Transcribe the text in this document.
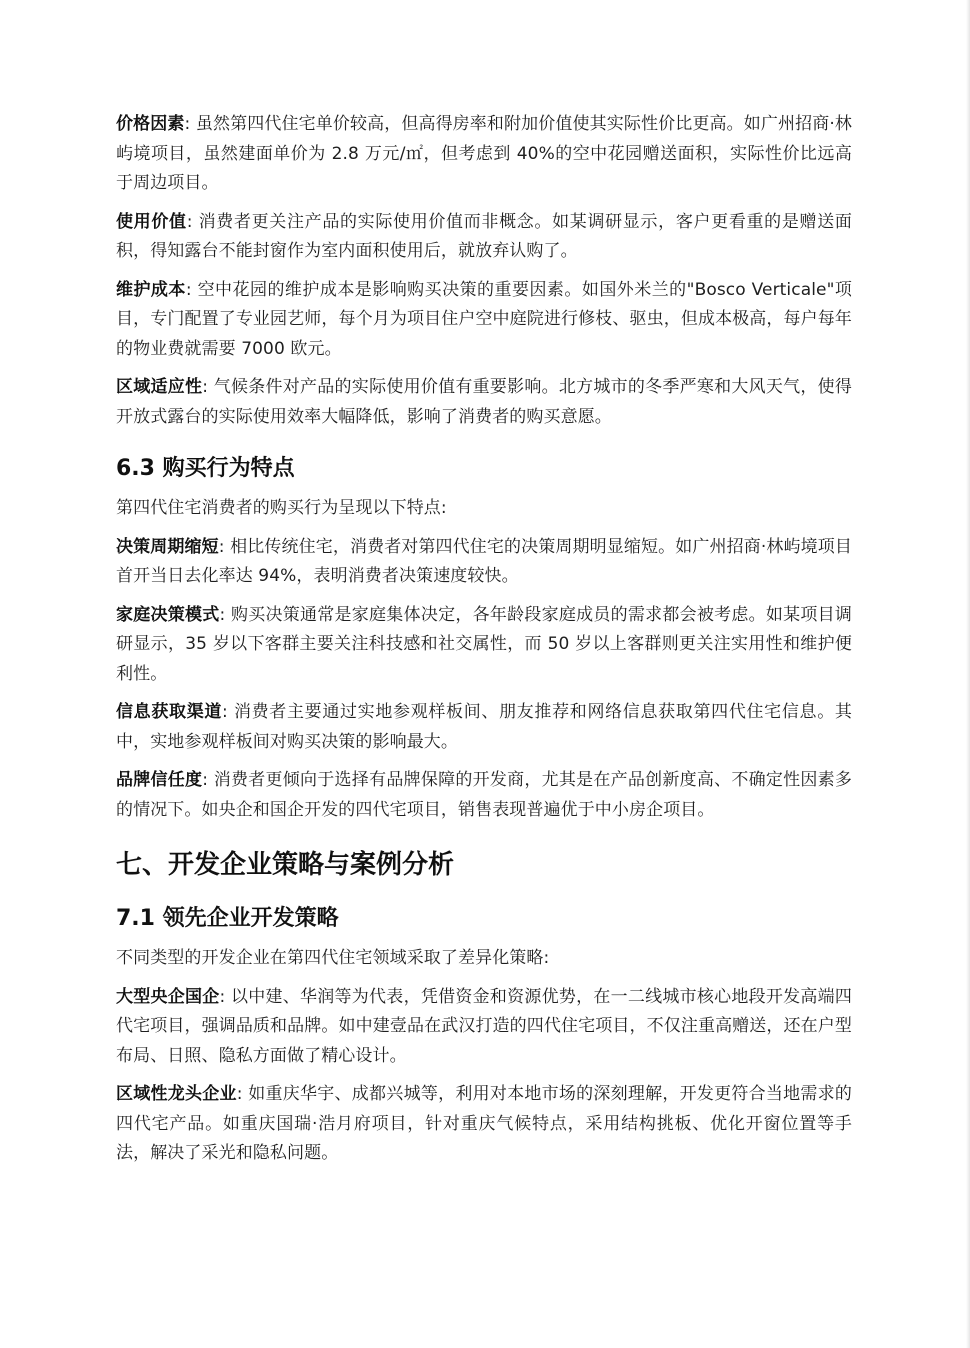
价格因素: 虽然第四代住宅单价较高，但高得房率和附加价值使其实际性价比更高。如广州招商·林屿境项目，虽然建面单价为 2.8 万元/㎡，但考虑到 40%的空中花园赠送面积，实际性价比远高于周边项目。

使用价值: 消费者更关注产品的实际使用价值而非概念。如某调研显示，客户更看重的是赠送面积，得知露台不能封窗作为室内面积使用后，就放弃认购了。

维护成本: 空中花园的维护成本是影响购买决策的重要因素。如国外米兰的"Bosco Verticale"项目，专门配置了专业园艺师，每个月为项目住户空中庭院进行修枝、驱虫，但成本极高，每户每年的物业费就需要 7000 欧元。

区域适应性: 气候条件对产品的实际使用价值有重要影响。北方城市的冬季严寒和大风天气，使得开放式露台的实际使用效率大幅降低，影响了消费者的购买意愿。

6.3 购买行为特点

第四代住宅消费者的购买行为呈现以下特点:

决策周期缩短: 相比传统住宅，消费者对第四代住宅的决策周期明显缩短。如广州招商·林屿境项目首开当日去化率达 94%，表明消费者决策速度较快。

家庭决策模式: 购买决策通常是家庭集体决定，各年龄段家庭成员的需求都会被考虑。如某项目调研显示，35 岁以下客群主要关注科技感和社交属性，而 50 岁以上客群则更关注实用性和维护便利性。

信息获取渠道: 消费者主要通过实地参观样板间、朋友推荐和网络信息获取第四代住宅信息。其中，实地参观样板间对购买决策的影响最大。

品牌信任度: 消费者更倾向于选择有品牌保障的开发商，尤其是在产品创新度高、不确定性因素多的情况下。如央企和国企开发的四代宅项目，销售表现普遍优于中小房企项目。

七、开发企业策略与案例分析
7.1 领先企业开发策略

不同类型的开发企业在第四代住宅领域采取了差异化策略:

大型央企国企: 以中建、华润等为代表，凭借资金和资源优势，在一二线城市核心地段开发高端四代宅项目，强调品质和品牌。如中建壹品在武汉打造的四代住宅项目，不仅注重高赠送，还在户型布局、日照、隐私方面做了精心设计。

区域性龙头企业: 如重庆华宇、成都兴城等，利用对本地市场的深刻理解，开发更符合当地需求的四代宅产品。如重庆国瑞·浩月府项目，针对重庆气候特点，采用结构挑板、优化开窗位置等手法，解决了采光和隐私问题。
